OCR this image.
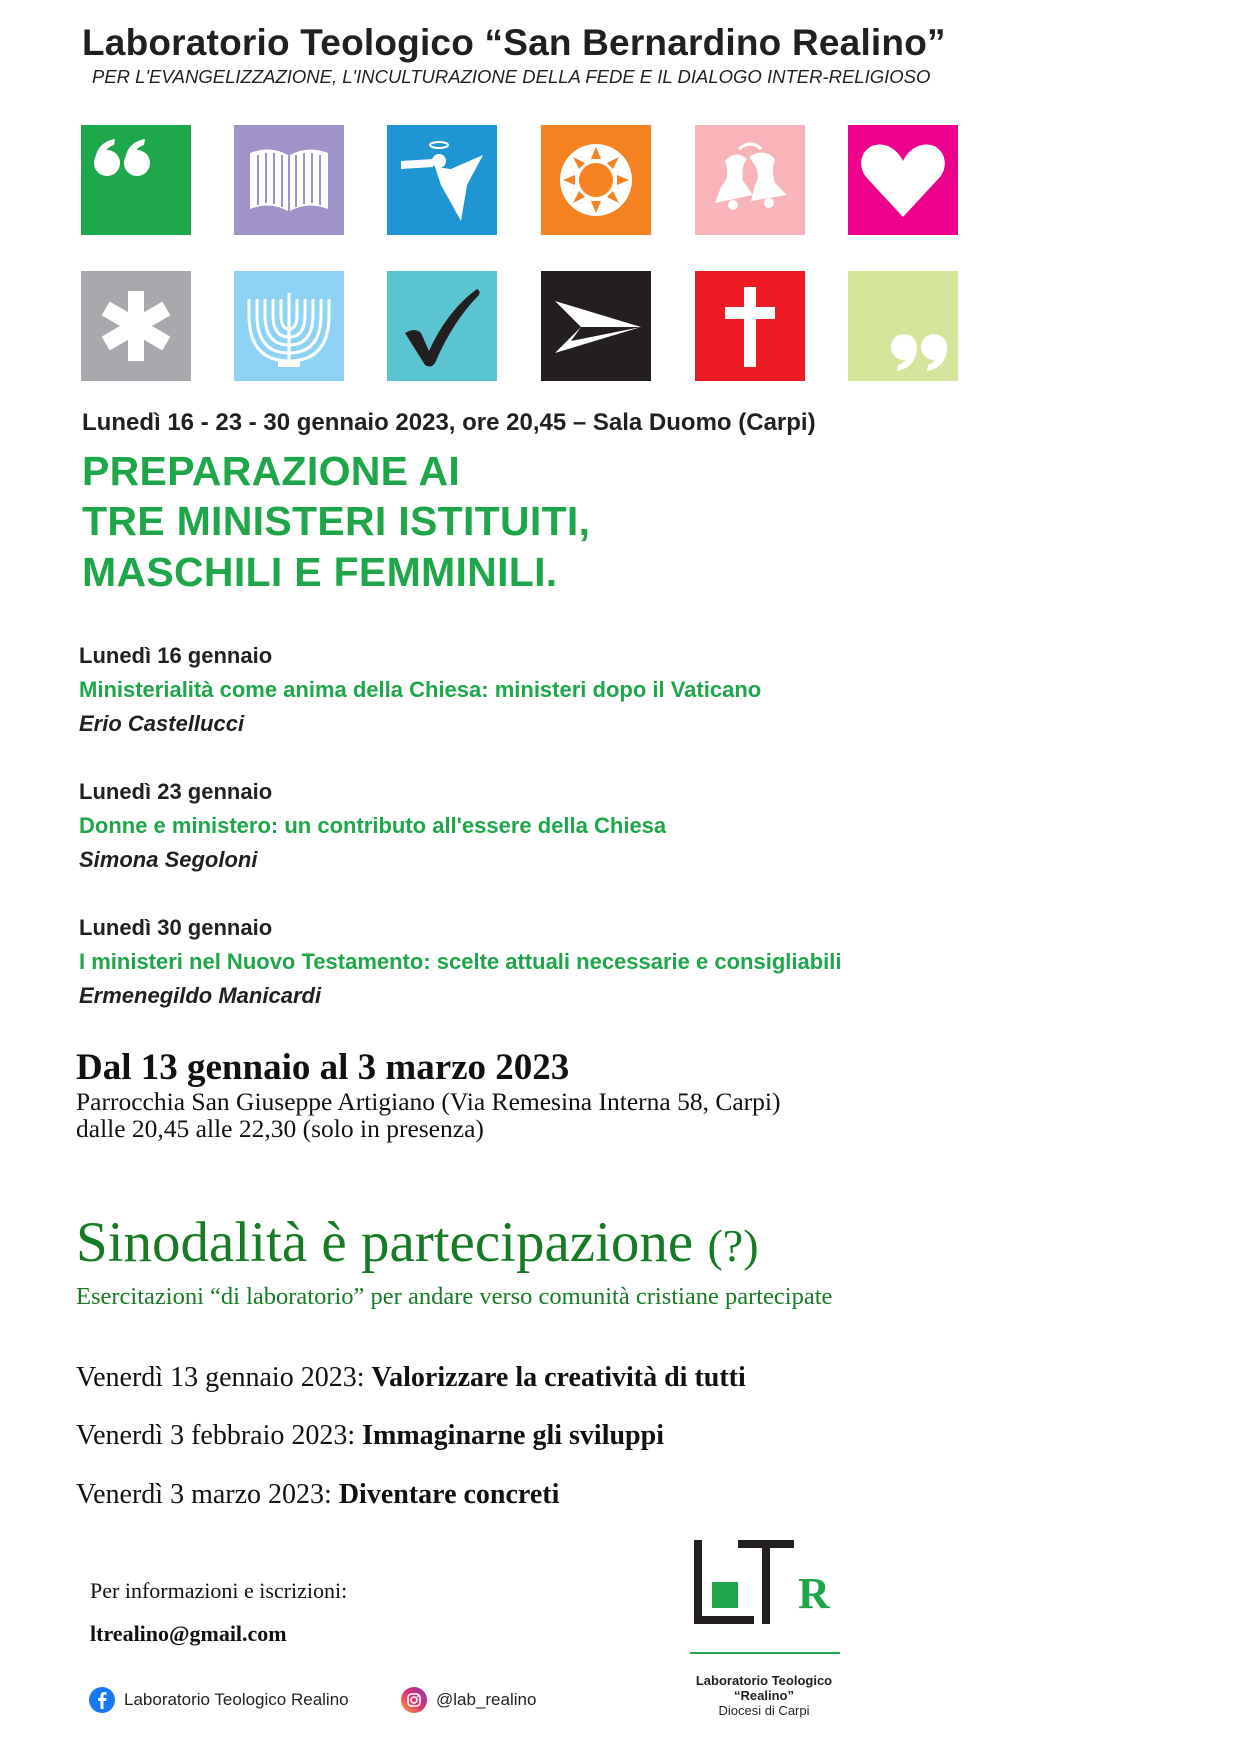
Laboratorio Teologico “San Bernardino Realino”
PER L'EVANGELIZZAZIONE, L'INCULTURAZIONE DELLA FEDE E IL DIALOGO INTER-RELIGIOSO
Lunedì 16 - 23 - 30 gennaio 2023, ore 20,45 – Sala Duomo (Carpi)
PREPARAZIONE AI
TRE MINISTERI ISTITUITI,
MASCHILI E FEMMINILI.
Lunedì 16 gennaio
Ministerialità come anima della Chiesa: ministeri dopo il Vaticano
Erio Castellucci
Lunedì 23 gennaio
Donne e ministero: un contributo all'essere della Chiesa
Simona Segoloni
Lunedì 30 gennaio
I ministeri nel Nuovo Testamento: scelte attuali necessarie e consigliabili
Ermenegildo Manicardi
Dal 13 gennaio al 3 marzo 2023
Parrocchia San Giuseppe Artigiano (Via Remesina Interna 58, Carpi)
dalle 20,45 alle 22,30 (solo in presenza)
Sinodalità è partecipazione (?)
Esercitazioni “di laboratorio” per andare verso comunità cristiane partecipate
Venerdì 13 gennaio 2023: Valorizzare la creatività di tutti
Venerdì 3 febbraio 2023: Immaginarne gli sviluppi
Venerdì 3 marzo 2023: Diventare concreti
Per informazioni e iscrizioni:
ltrealino@gmail.com
Laboratorio Teologico Realino	@lab_realino
R
Laboratorio Teologico
“Realino”
Diocesi di Carpi
